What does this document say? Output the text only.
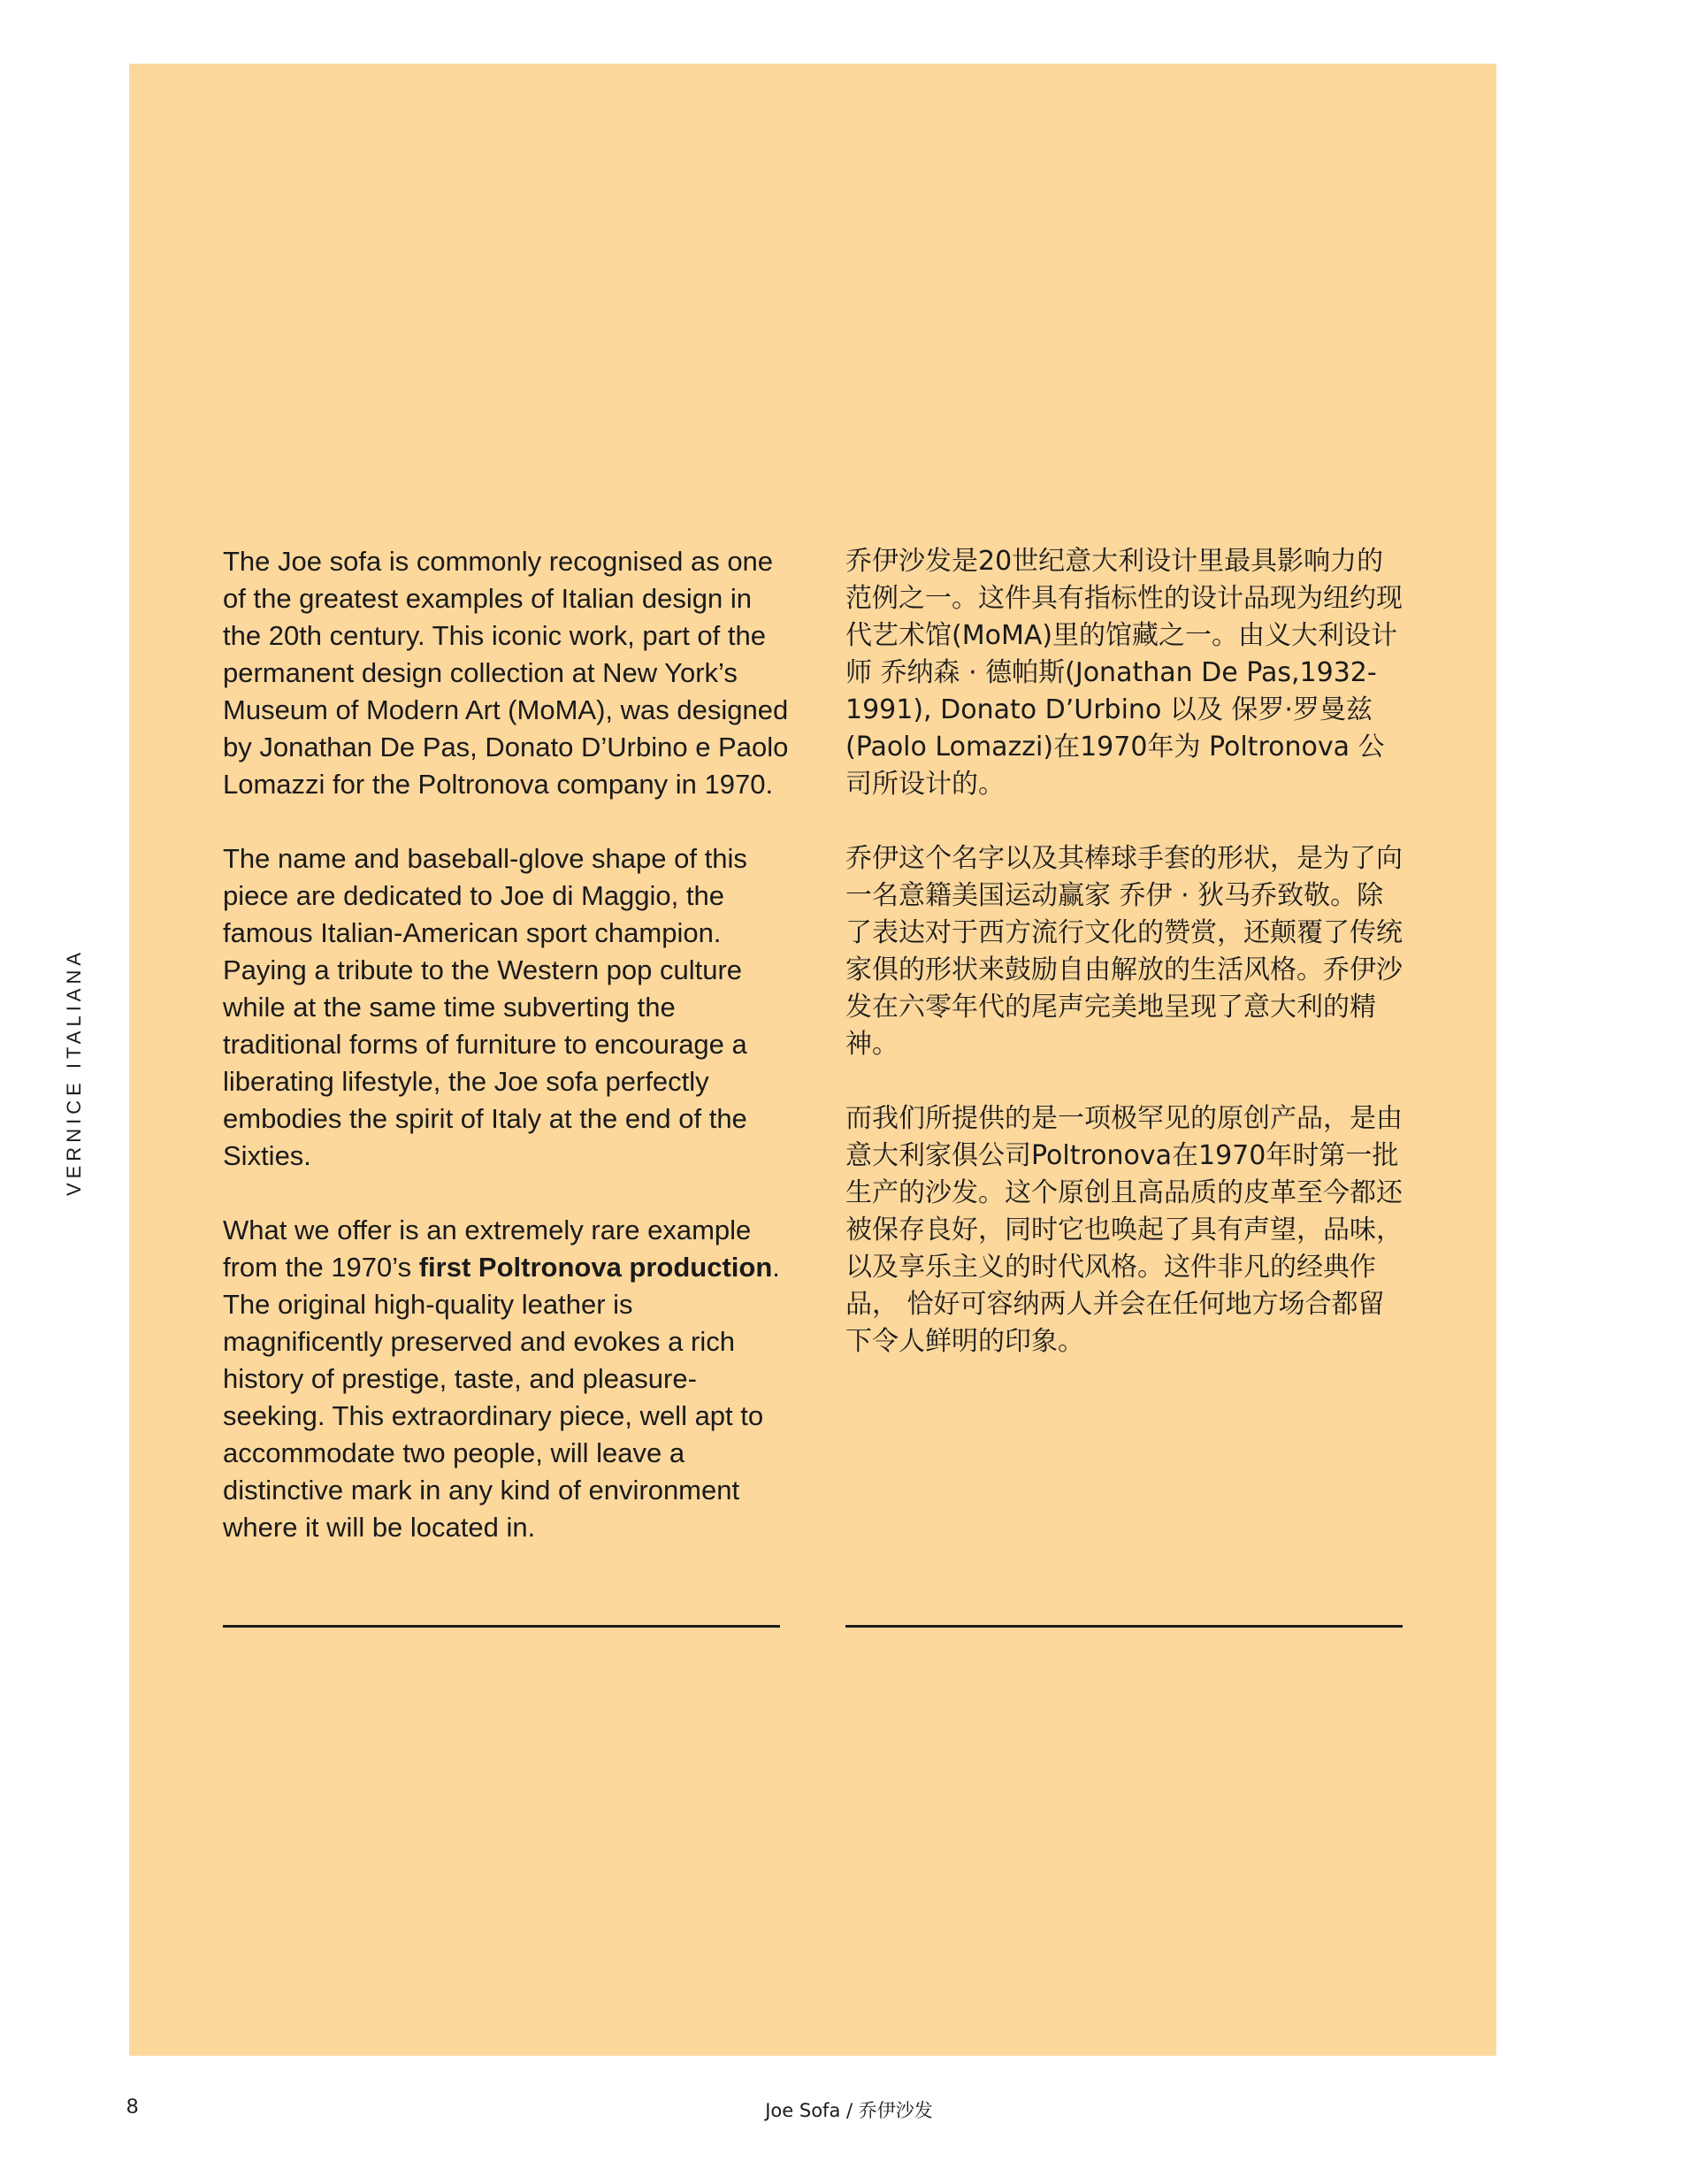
VERNICE ITALIANA

The Joe sofa is commonly recognised as one of the greatest examples of Italian design in the 20th century. This iconic work, part of the permanent design collection at New York’s Museum of Modern Art (MoMA), was designed by Jonathan De Pas, Donato D’Urbino e Paolo Lomazzi for the Poltronova company in 1970.

The name and baseball-glove shape of this piece are dedicated to Joe di Maggio, the famous Italian-American sport champion. Paying a tribute to the Western pop culture while at the same time subverting the traditional forms of furniture to encourage a liberating lifestyle, the Joe sofa perfectly embodies the spirit of Italy at the end of the Sixties.

What we offer is an extremely rare example from the 1970’s first Poltronova production. The original high-quality leather is magnificently preserved and evokes a rich history of prestige, taste, and pleasure-seeking. This extraordinary piece, well apt to accommodate two people, will leave a distinctive mark in any kind of environment where it will be located in.

乔伊沙发是20世纪意大利设计里最具影响力的范例之一。这件具有指标性的设计品现为纽约现代艺术馆(MoMA)里的馆藏之一。由义大利设计师 乔纳森 · 德帕斯(Jonathan De Pas,1932-1991), Donato D’Urbino 以及 保罗·罗曼兹(Paolo Lomazzi)在1970年为 Poltronova 公司所设计的。

乔伊这个名字以及其棒球手套的形状，是为了向一名意籍美国运动赢家 乔伊 · 狄马乔致敬。除了表达对于西方流行文化的赞赏，还颠覆了传统家俱的形状来鼓励自由解放的生活风格。乔伊沙发在六零年代的尾声完美地呈现了意大利的精神。

而我们所提供的是一项极罕见的原创产品，是由意大利家俱公司Poltronova在1970年时第一批生产的沙发。这个原创且高品质的皮革至今都还被保存良好，同时它也唤起了具有声望，品味，以及享乐主义的时代风格。这件非凡的经典作品， 恰好可容纳两人并会在任何地方场合都留下令人鲜明的印象。

8	Joe Sofa / 乔伊沙发
